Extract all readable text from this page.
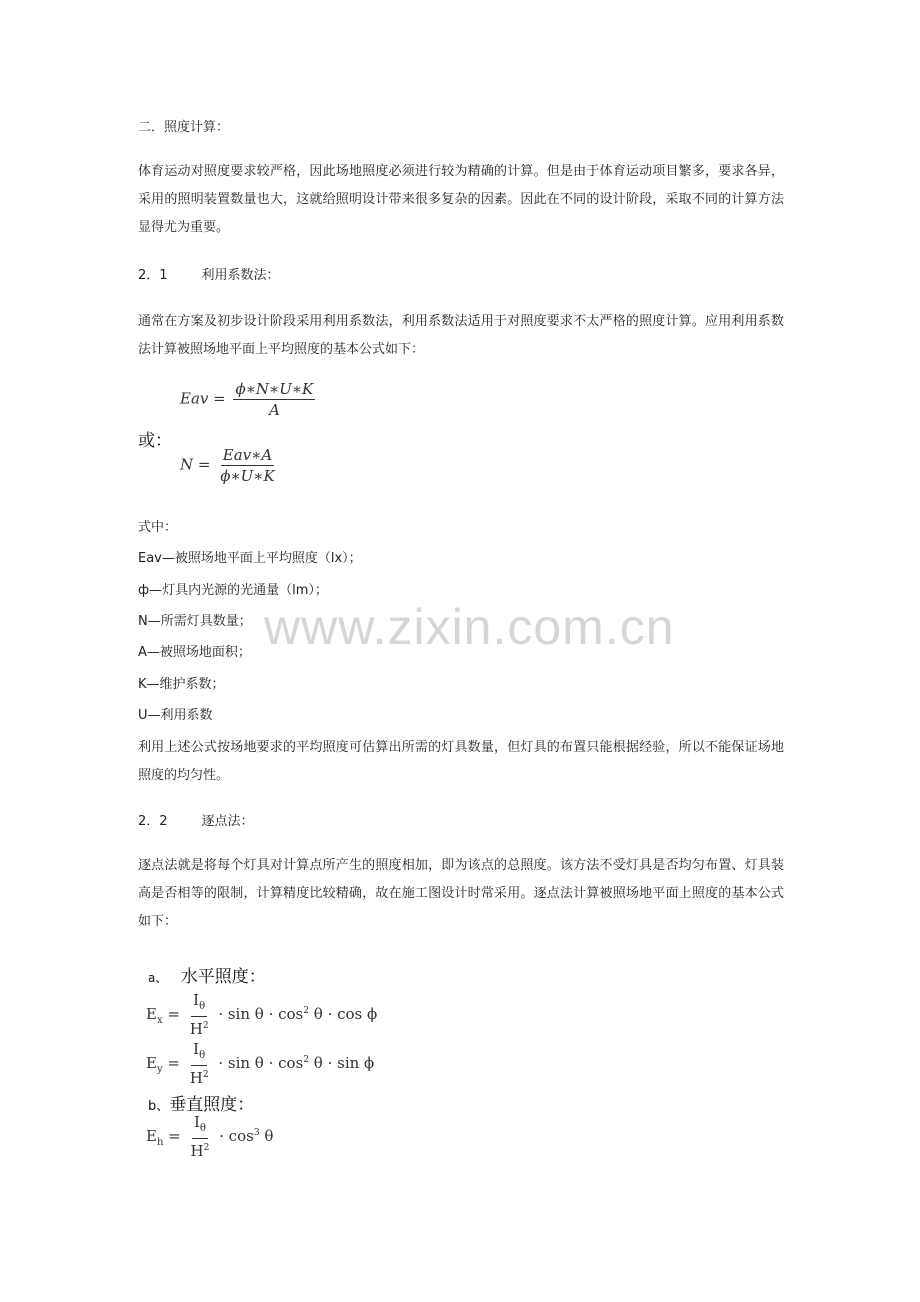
二．照度计算：

体育运动对照度要求较严格，因此场地照度必须进行较为精确的计算。但是由于体育运动项目繁多，要求各异，采用的照明装置数量也大，这就给照明设计带来很多复杂的因素。因此在不同的设计阶段，采取不同的计算方法显得尤为重要。

2．1	利用系数法：

通常在方案及初步设计阶段采用利用系数法，利用系数法适用于对照度要求不太严格的照度计算。应用利用系数法计算被照场地平面上平均照度的基本公式如下：

Eav = $\frac{\phi∗N∗U∗K}{A}$
或：
$N = \frac{\text{Eav∗A}}{\phi∗U∗K}$

式中：

Eav—被照场地平面上平均照度（lx）；

ф—灯具内光源的光通量（lm）；

N—所需灯具数量；

A—被照场地面积；

K—维护系数；

U—利用系数

利用上述公式按场地要求的平均照度可估算出所需的灯具数量，但灯具的布置只能根据经验，所以不能保证场地照度的均匀性。

2．2	逐点法：

逐点法就是将每个灯具对计算点所产生的照度相加，即为该点的总照度。该方法不受灯具是否均匀布置、灯具装高是否相等的限制，计算精度比较精确，故在施工图设计时常采用。逐点法计算被照场地平面上照度的基本公式如下：

a、 水平照度：
$E_x = \frac{I_\theta}{H^2} \cdot \sin \theta \cdot \cos^2 \theta \cdot \cos \phi$
$E_y = \frac{I_\theta}{H^2} \cdot \sin \theta \cdot \cos^2 \theta \cdot \sin \phi$
b、垂直照度：
$E_h = \frac{I_\theta}{H^2} \cdot \cos^3 \theta$
www.zixin.com.cn
